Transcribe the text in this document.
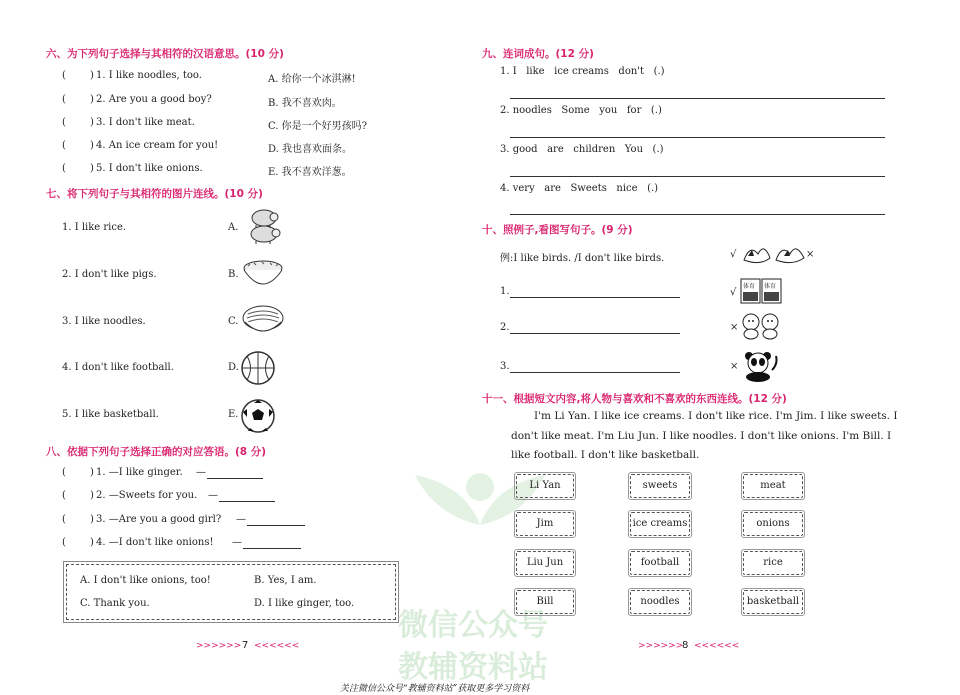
微信公众号
教辅资料站
六、为下列句子选择与其相符的汉语意思。(10 分)
( ) 1. I like noodles, too.	A. 给你一个冰淇淋!
( ) 2. Are you a good boy?	B. 我不喜欢肉。
( ) 3. I don't like meat.	C. 你是一个好男孩吗?
( ) 4. An ice cream for you!	D. 我也喜欢面条。
( ) 5. I don't like onions.	E. 我不喜欢洋葱。
七、将下列句子与其相符的图片连线。(10 分)
1. I like rice.	A.
2. I don't like pigs.	B.
3. I like noodles.	C.
4. I don't like football.	D.
5. I like basketball.	E.
八、依据下列句子选择正确的对应答语。(8 分)
( ) 1. —I like ginger. —
( ) 2. —Sweets for you. —
( ) 3. —Are you a good girl? —
( ) 4. —I don't like onions! —
A. I don't like onions, too!	B. Yes, I am.
C. Thank you.	D. I like ginger, too.
>>>>>> 7 <<<<<<
九、连词成句。(12 分)
1. I   like   ice creams   don't   (.)
2. noodles   Some   you   for   (.)
3. good   are   children   You   (.)
4. very   are   Sweets   nice   (.)
十、照例子,看图写句子。(9 分)
例:I like birds. /I don't like birds.	√	×
1.	√
体育 体育
2.	×
3.	×
十一、根据短文内容,将人物与喜欢和不喜欢的东西连线。(12 分)
I'm Li Yan. I like ice creams. I don't like rice. I'm Jim. I like sweets. I
don't like meat. I'm Liu Jun. I like noodles. I don't like onions. I'm Bill. I
like football. I don't like basketball.
Li Yan
Jim
Liu Jun
Bill
sweets
ice creams
football
noodles
meat
onions
rice
basketball
>>>>>>
8 <<<<<<
关注微信公众号“教辅资料站”获取更多学习资料
